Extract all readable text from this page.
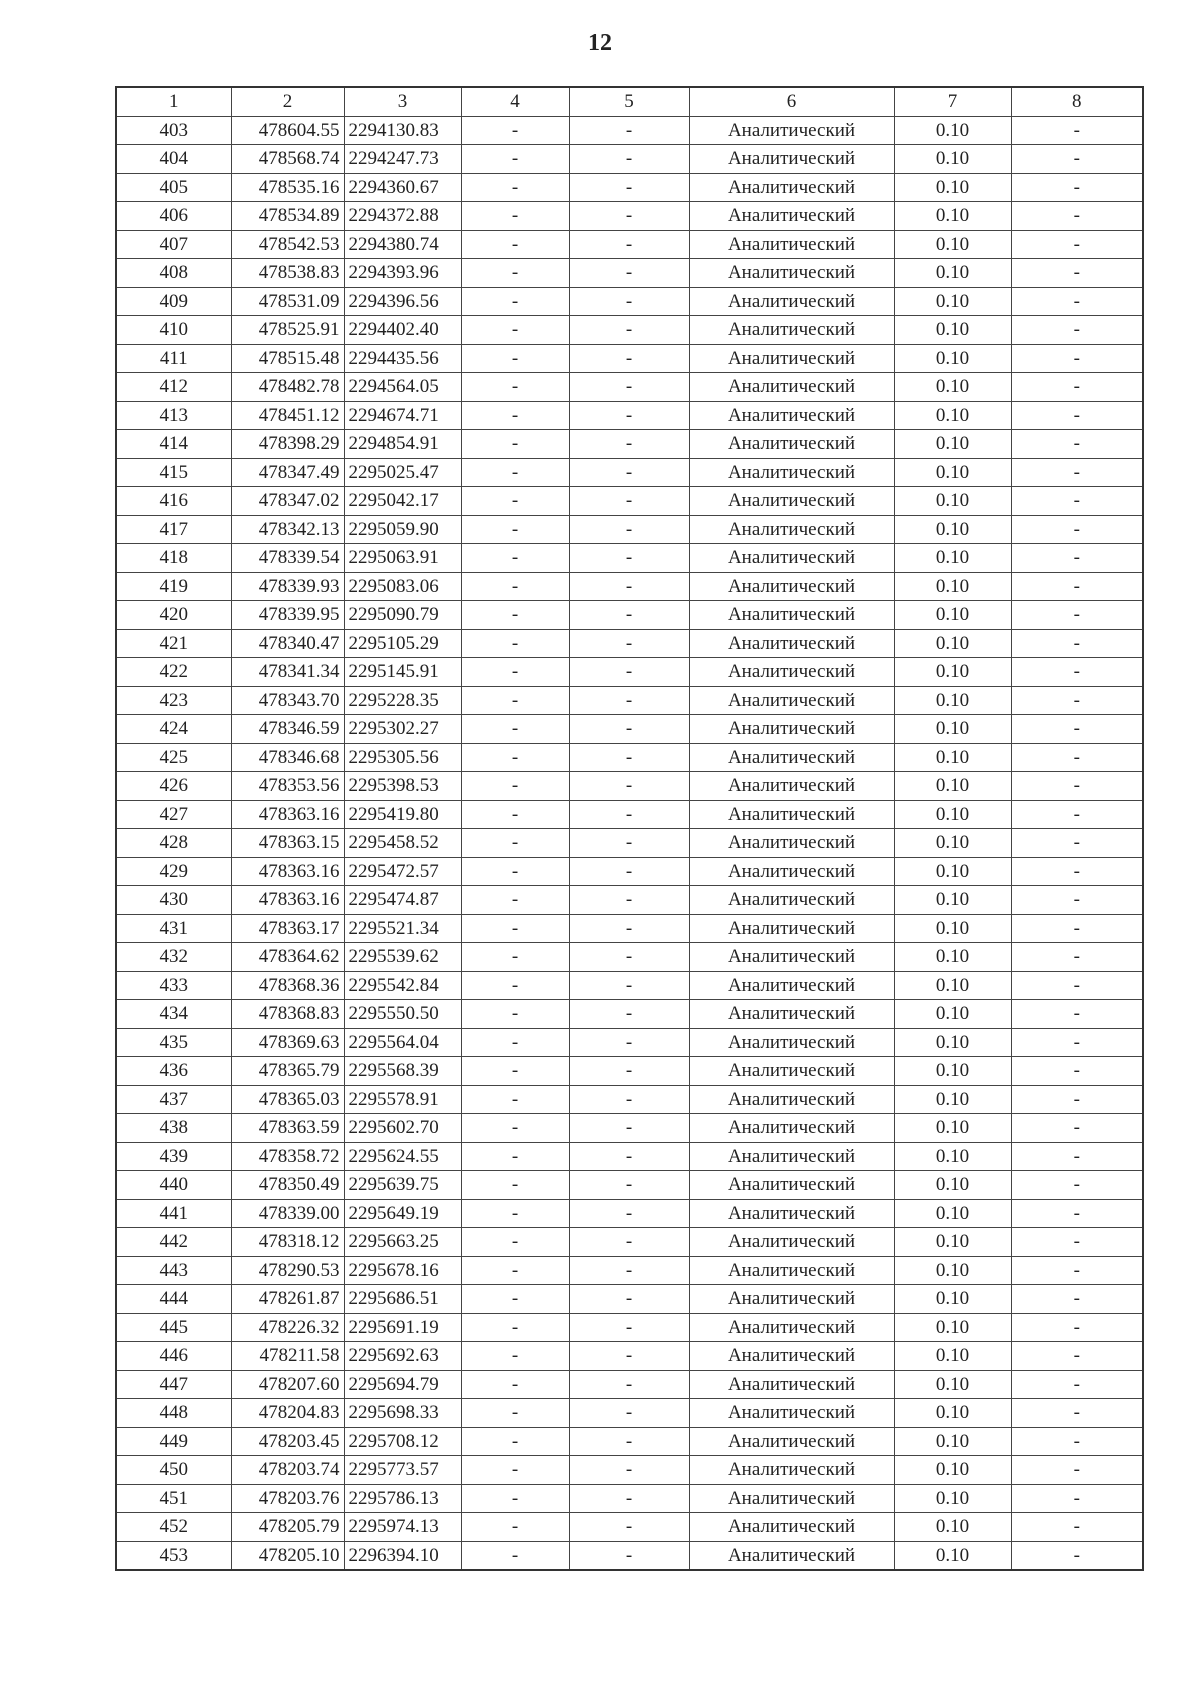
12
1	2	3	4	5	6	7	8
403	478604.55	2294130.83	-	-	Аналитический	0.10	-
404	478568.74	2294247.73	-	-	Аналитический	0.10	-
405	478535.16	2294360.67	-	-	Аналитический	0.10	-
406	478534.89	2294372.88	-	-	Аналитический	0.10	-
407	478542.53	2294380.74	-	-	Аналитический	0.10	-
408	478538.83	2294393.96	-	-	Аналитический	0.10	-
409	478531.09	2294396.56	-	-	Аналитический	0.10	-
410	478525.91	2294402.40	-	-	Аналитический	0.10	-
411	478515.48	2294435.56	-	-	Аналитический	0.10	-
412	478482.78	2294564.05	-	-	Аналитический	0.10	-
413	478451.12	2294674.71	-	-	Аналитический	0.10	-
414	478398.29	2294854.91	-	-	Аналитический	0.10	-
415	478347.49	2295025.47	-	-	Аналитический	0.10	-
416	478347.02	2295042.17	-	-	Аналитический	0.10	-
417	478342.13	2295059.90	-	-	Аналитический	0.10	-
418	478339.54	2295063.91	-	-	Аналитический	0.10	-
419	478339.93	2295083.06	-	-	Аналитический	0.10	-
420	478339.95	2295090.79	-	-	Аналитический	0.10	-
421	478340.47	2295105.29	-	-	Аналитический	0.10	-
422	478341.34	2295145.91	-	-	Аналитический	0.10	-
423	478343.70	2295228.35	-	-	Аналитический	0.10	-
424	478346.59	2295302.27	-	-	Аналитический	0.10	-
425	478346.68	2295305.56	-	-	Аналитический	0.10	-
426	478353.56	2295398.53	-	-	Аналитический	0.10	-
427	478363.16	2295419.80	-	-	Аналитический	0.10	-
428	478363.15	2295458.52	-	-	Аналитический	0.10	-
429	478363.16	2295472.57	-	-	Аналитический	0.10	-
430	478363.16	2295474.87	-	-	Аналитический	0.10	-
431	478363.17	2295521.34	-	-	Аналитический	0.10	-
432	478364.62	2295539.62	-	-	Аналитический	0.10	-
433	478368.36	2295542.84	-	-	Аналитический	0.10	-
434	478368.83	2295550.50	-	-	Аналитический	0.10	-
435	478369.63	2295564.04	-	-	Аналитический	0.10	-
436	478365.79	2295568.39	-	-	Аналитический	0.10	-
437	478365.03	2295578.91	-	-	Аналитический	0.10	-
438	478363.59	2295602.70	-	-	Аналитический	0.10	-
439	478358.72	2295624.55	-	-	Аналитический	0.10	-
440	478350.49	2295639.75	-	-	Аналитический	0.10	-
441	478339.00	2295649.19	-	-	Аналитический	0.10	-
442	478318.12	2295663.25	-	-	Аналитический	0.10	-
443	478290.53	2295678.16	-	-	Аналитический	0.10	-
444	478261.87	2295686.51	-	-	Аналитический	0.10	-
445	478226.32	2295691.19	-	-	Аналитический	0.10	-
446	478211.58	2295692.63	-	-	Аналитический	0.10	-
447	478207.60	2295694.79	-	-	Аналитический	0.10	-
448	478204.83	2295698.33	-	-	Аналитический	0.10	-
449	478203.45	2295708.12	-	-	Аналитический	0.10	-
450	478203.74	2295773.57	-	-	Аналитический	0.10	-
451	478203.76	2295786.13	-	-	Аналитический	0.10	-
452	478205.79	2295974.13	-	-	Аналитический	0.10	-
453	478205.10	2296394.10	-	-	Аналитический	0.10	-
